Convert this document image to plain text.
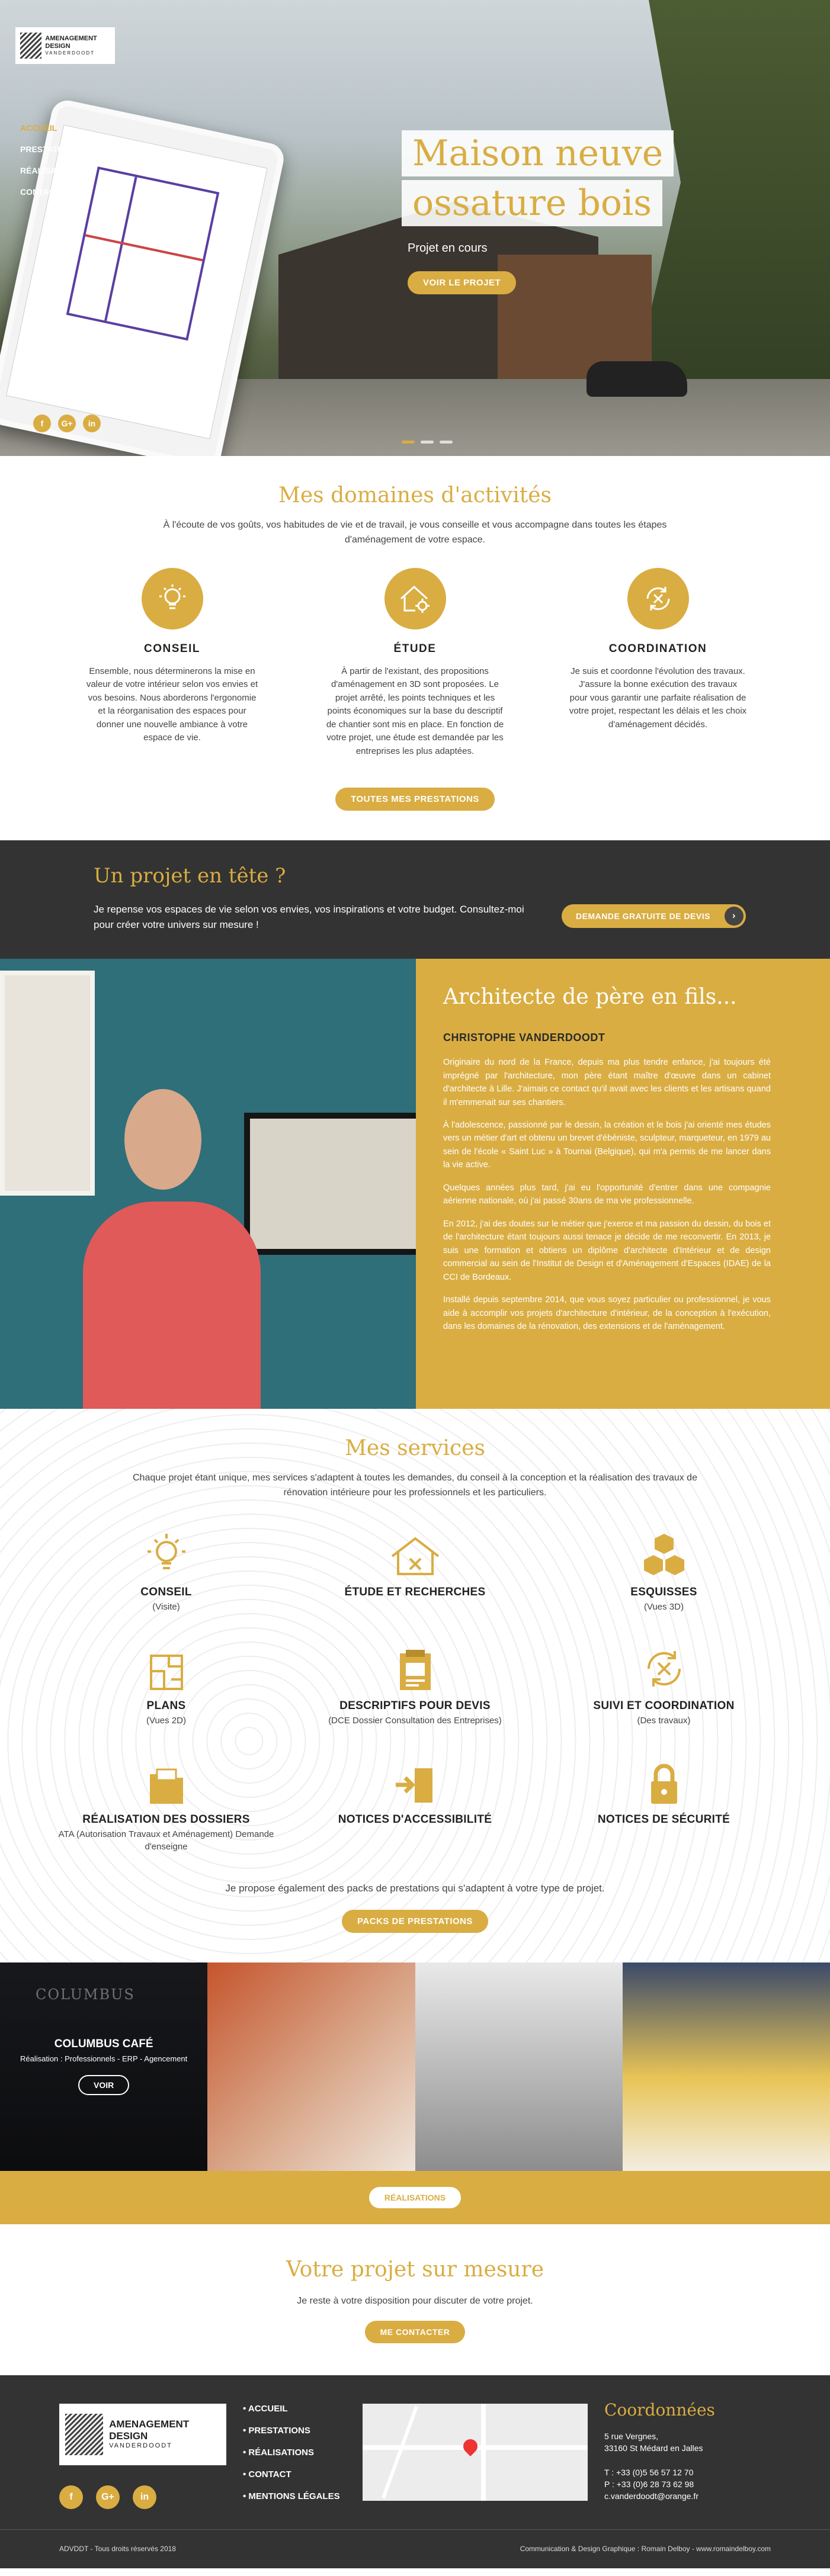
AMENAGEMENT DESIGN
VANDERDOODT
ACCUEIL
PRESTATIONS
RÉALISATIONS
CONTACT
f	G+	in
Maison neuve
ossature bois
Projet en cours
VOIR LE PROJET
Mes domaines d'activités

À l'écoute de vos goûts, vos habitudes de vie et de travail, je vous conseille et vous accompagne dans toutes les étapes d'aménagement de votre espace.

CONSEIL

Ensemble, nous déterminerons la mise en valeur de votre intérieur selon vos envies et vos besoins. Nous aborderons l'ergonomie et la réorganisation des espaces pour donner une nouvelle ambiance à votre espace de vie.

ÉTUDE

À partir de l'existant, des propositions d'aménagement en 3D sont proposées. Le projet arrêté, les points techniques et les points économiques sur la base du descriptif de chantier sont mis en place. En fonction de votre projet, une étude est demandée par les entreprises les plus adaptées.

COORDINATION

Je suis et coordonne l'évolution des travaux. J'assure la bonne exécution des travaux pour vous garantir une parfaite réalisation de votre projet, respectant les délais et les choix d'aménagement décidés.

TOUTES MES PRESTATIONS
Un projet en tête ?

Je repense vos espaces de vie selon vos envies, vos inspirations et votre budget. Consultez-moi pour créer votre univers sur mesure !

DEMANDE GRATUITE DE DEVIS	›
Architecte de père en fils...
CHRISTOPHE VANDERDOODT

Originaire du nord de la France, depuis ma plus tendre enfance, j'ai toujours été imprégné par l'architecture, mon père étant maître d'œuvre dans un cabinet d'architecte à Lille. J'aimais ce contact qu'il avait avec les clients et les artisans quand il m'emmenait sur ses chantiers.

À l'adolescence, passionné par le dessin, la création et le bois j'ai orienté mes études vers un métier d'art et obtenu un brevet d'ébéniste, sculpteur, marqueteur, en 1979 au sein de l'école « Saint Luc » à Tournai (Belgique), qui m'a permis de me lancer dans la vie active.

Quelques années plus tard, j'ai eu l'opportunité d'entrer dans une compagnie aérienne nationale, où j'ai passé 30ans de ma vie professionnelle.

En 2012, j'ai des doutes sur le métier que j'exerce et ma passion du dessin, du bois et de l'architecture étant toujours aussi tenace je décide de me reconvertir. En 2013, je suis une formation et obtiens un diplôme d'architecte d'Intérieur et de design commercial au sein de l'Institut de Design et d'Aménagement d'Espaces (IDAE) de la CCI de Bordeaux.

Installé depuis septembre 2014, que vous soyez particulier ou professionnel, je vous aide à accomplir vos projets d'architecture d'intérieur, de la conception à l'exécution, dans les domaines de la rénovation, des extensions et de l'aménagement.

Mes services

Chaque projet étant unique, mes services s'adaptent à toutes les demandes, du conseil à la conception et la réalisation des travaux de rénovation intérieure pour les professionnels et les particuliers.

CONSEIL

(Visite)

ÉTUDE ET RECHERCHES	ESQUISSES

(Vues 3D)

PLANS

(Vues 2D)

DESCRIPTIFS POUR DEVIS

(DCE Dossier Consultation des Entreprises)

SUIVI ET COORDINATION

(Des travaux)

RÉALISATION DES DOSSIERS

ATA (Autorisation Travaux et Aménagement) Demande d'enseigne

NOTICES D'ACCESSIBILITÉ	NOTICES DE SÉCURITÉ

Je propose également des packs de prestations qui s'adaptent à votre type de projet.

PACKS DE PRESTATIONS
COLUMBUS
COLUMBUS CAFÉ
Réalisation : Professionnels - ERP - Agencement
VOIR
RÉALISATIONS
Votre projet sur mesure

Je reste à votre disposition pour discuter de votre projet.

ME CONTACTER
AMENAGEMENT DESIGN
VANDERDOODT
f	G+	in
• ACCUEIL
• PRESTATIONS
• RÉALISATIONS
• CONTACT
• MENTIONS LÉGALES
Coordonnées

5 rue Vergnes,
33160 St Médard en Jalles

T : +33 (0)5 56 57 12 70
P : +33 (0)6 28 73 62 98
c.vanderdoodt@orange.fr

ADVDDT - Tous droits réservés 2018	Communication & Design Graphique : Romain Delboy - www.romaindelboy.com
